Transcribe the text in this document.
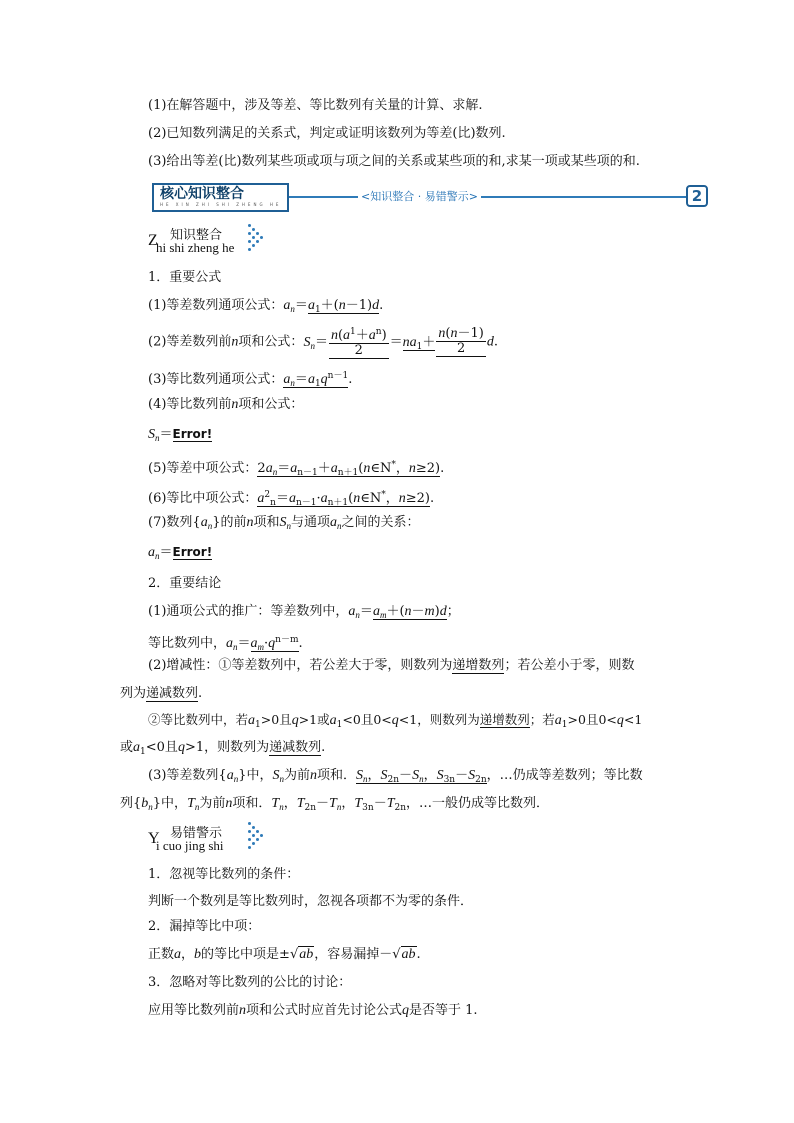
(1)在解答题中，涉及等差、等比数列有关量的计算、求解.
(2)已知数列满足的关系式，判定或证明该数列为等差(比)数列.
(3)给出等差(比)数列某些项或项与项之间的关系或某些项的和,求某一项或某些项的和.
核心知识整合
HE XIN ZHI SHI ZHENG HE
<知识整合 · 易错警示>	2
Z 知识整合
hi shi zheng he
1．重要公式
(1)等差数列通项公式：$a_n=a_1+(n-1)d$.
(2)等差数列前n项和公式：$S_n= \frac{n(a^1+a^n)}{2} =na_1+ \frac{n(n-1)}{2} d$.
(3)等比数列通项公式：$a_n=a_1q^{n-1}$.
(4)等比数列前n项和公式：
$S_n=Error$!
(5)等差中项公式：$2a_n=a_{n-1}+a_{n+1}(n\in N^*$，n≥2).
(6)等比中项公式：$a^2_n=a_{n-1}\cdot a_{n+1}(n\in N^*$，n≥2).
(7)数列$\{a_n\}$的前n项和$S_n$与通项$a_n$之间的关系：
$a_n=Error$!
2．重要结论
(1)通项公式的推广：等差数列中，$a_n=a_m+(n-m)d$；
等比数列中，$a_n=a_m\cdot q^{n-m}$.
(2)增减性：①等差数列中，若公差大于零，则数列为递增数列；若公差小于零，则数
列为递减数列.
②等比数列中，若$a_1>0$且q>1或$a_1<0$且0<q<1，则数列为递增数列；若$a_1>0$且0<q<1
或$a_1<0$且q>1，则数列为递减数列.
(3)等差数列$\{a_n\}$中，$S_n$为前n项和．$S_n$，$S_{2n}-S_n$，$S_{3n}-S_{2n}$，…仍成等差数列；等比数
列$\{b_n\}$中，$T_n$为前n项和．$T_n$，$T_{2n}-T_n$，$T_{3n}-T_{2n}$，…一般仍成等比数列．
Y 易错警示
i cuo jing shi
1．忽视等比数列的条件：
判断一个数列是等比数列时，忽视各项都不为零的条件．
2．漏掉等比中项：
正数a，b的等比中项是±√ab，容易漏掉－√ab.
3．忽略对等比数列的公比的讨论：
应用等比数列前n项和公式时应首先讨论公式q是否等于 1.
